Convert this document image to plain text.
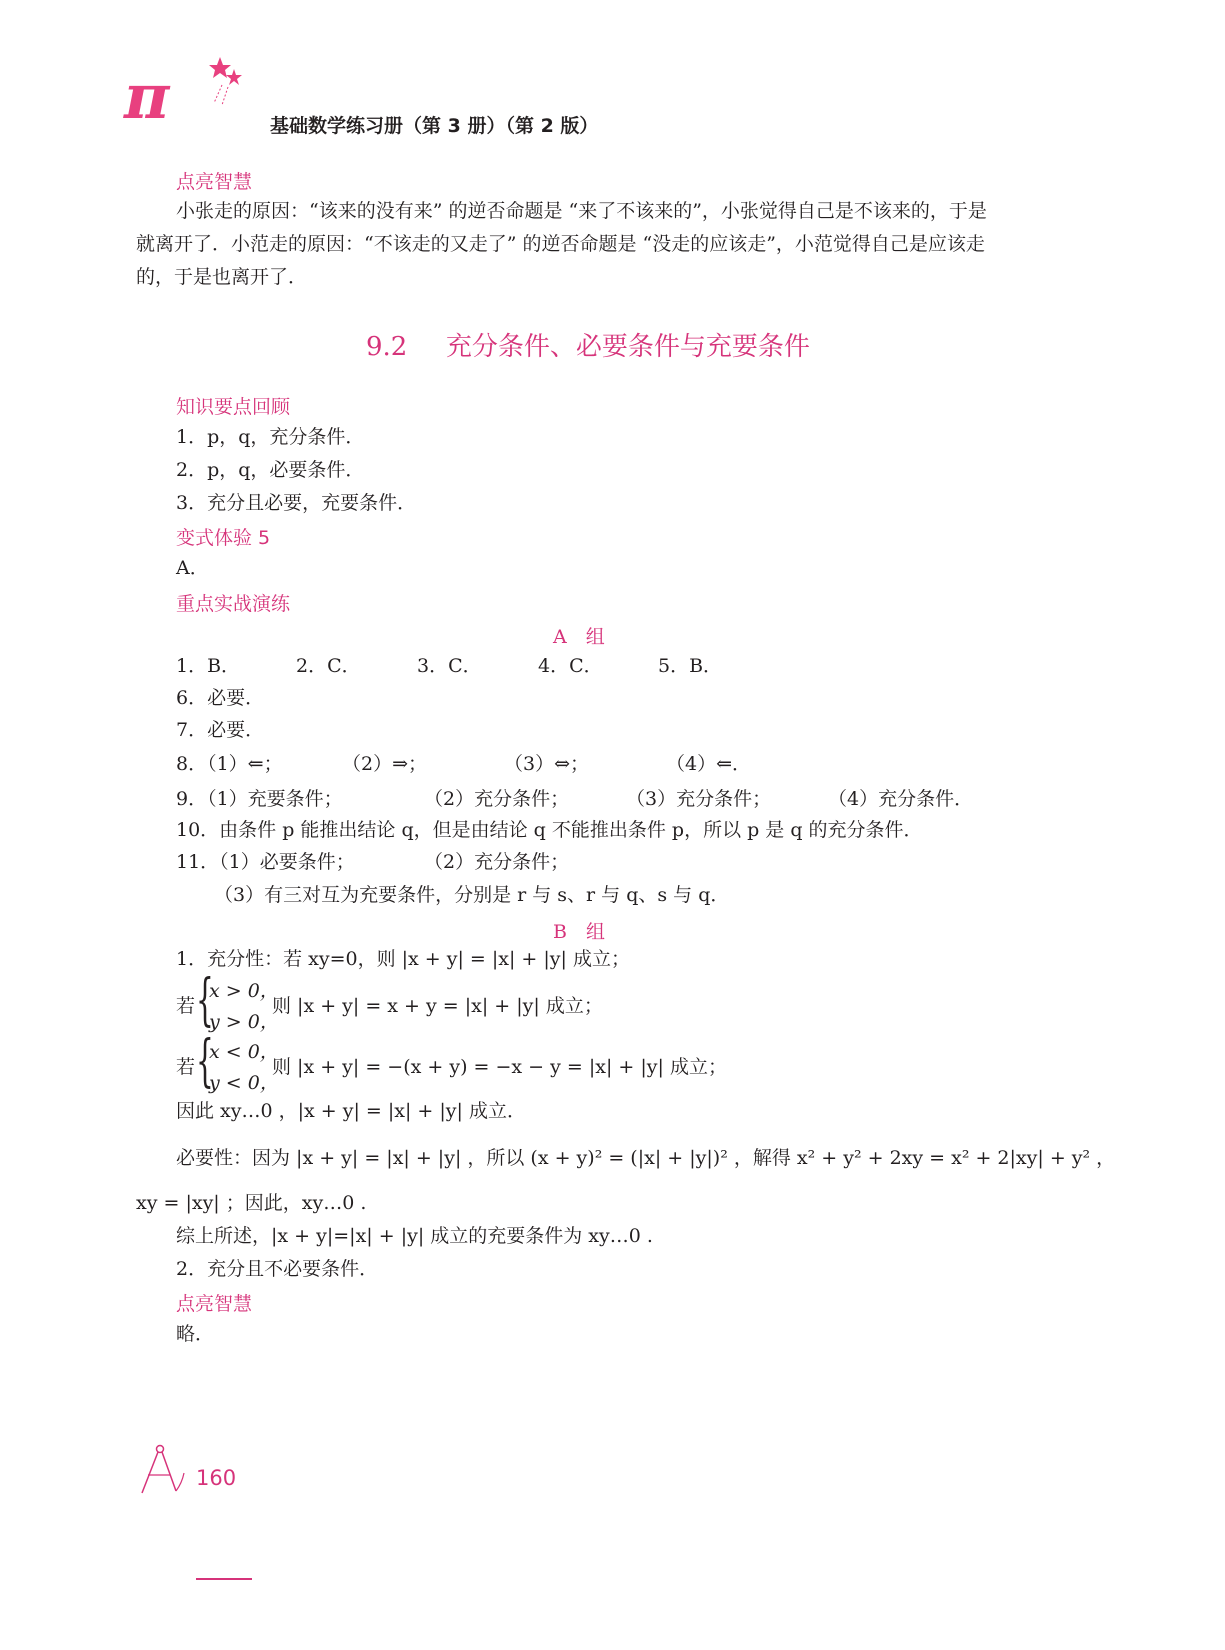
π	基础数学练习册（第 3 册）（第 2 版）
点亮智慧
小张走的原因：“该来的没有来” 的逆否命题是 “来了不该来的”，小张觉得自己是不该来的，于是
就离开了．小范走的原因：“不该走的又走了” 的逆否命题是 “没走的应该走”，小范觉得自己是应该走
的，于是也离开了．
9.2 充分条件、必要条件与充要条件
知识要点回顾
1．p，q，充分条件．
2．p，q，必要条件．
3．充分且必要，充要条件．
变式体验 5
A．
重点实战演练
A　组
1．B．	2．C．	3．C．	4．C．	5．B．
6．必要．
7．必要．
8．（1）⇐；	（2）⇒；	（3）⇔；	（4）⇐．
9．（1）充要条件；	（2）充分条件；	（3）充分条件；	（4）充分条件．
10．由条件 p 能推出结论 q，但是由结论 q 不能推出条件 p，所以 p 是 q 的充分条件．
11．（1）必要条件；	（2）充分条件；
（3）有三对互为充要条件，分别是 r 与 s、r 与 q、s 与 q．
B　组
1．充分性：若 xy=0，则 |x + y| = |x| + |y| 成立；
若 {
x > 0，
y > 0，
则 |x + y| = x + y = |x| + |y| 成立；
若 {
x < 0，
y < 0，
则 |x + y| = −(x + y) = −x − y = |x| + |y| 成立；
因此 xy…0 ，|x + y| = |x| + |y| 成立．
必要性：因为 |x + y| = |x| + |y| ，所以 (x + y)² = (|x| + |y|)² ，解得 x² + y² + 2xy = x² + 2|xy| + y² ，
xy = |xy| ；因此，xy…0 .
综上所述，|x + y|=|x| + |y| 成立的充要条件为 xy…0 .
2．充分且不必要条件．
点亮智慧
略．
160
